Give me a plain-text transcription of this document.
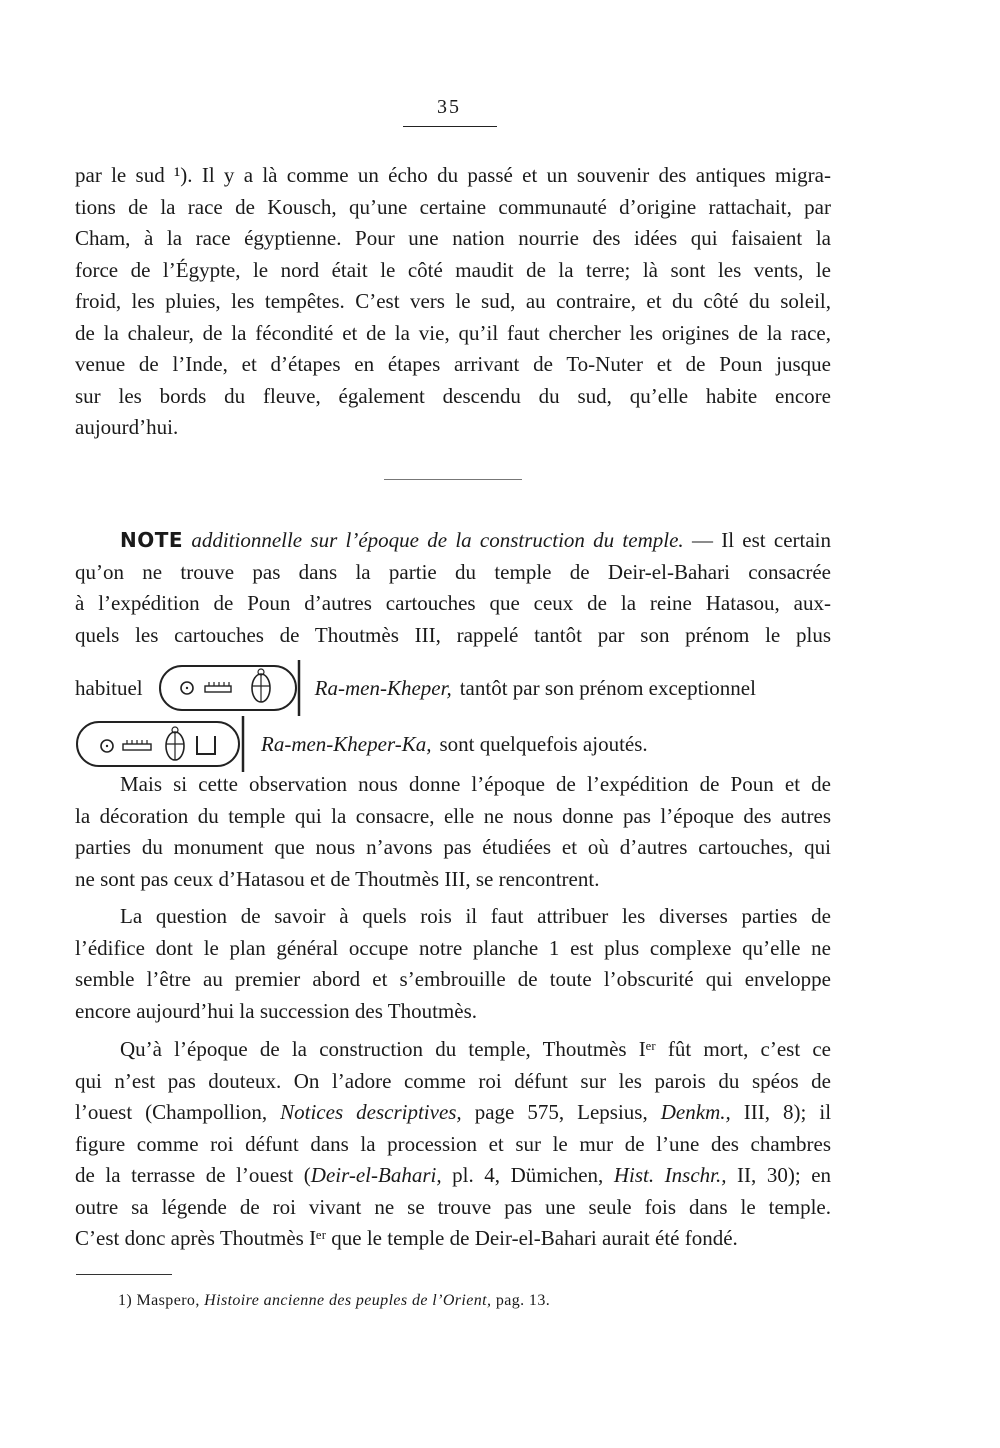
35
par le sud ¹). Il y a là comme un écho du passé et un souvenir des antiques migra-
tions de la race de Kousch, qu’une certaine communauté d’origine rattachait, par
Cham, à la race égyptienne. Pour une nation nourrie des idées qui faisaient la
force de l’Égypte, le nord était le côté maudit de la terre; là sont les vents, le
froid, les pluies, les tempêtes. C’est vers le sud, au contraire, et du côté du soleil,
de la chaleur, de la fécondité et de la vie, qu’il faut chercher les origines de la race,
venue de l’Inde, et d’étapes en étapes arrivant de To-Nuter et de Poun jusque
sur les bords du fleuve, également descendu du sud, qu’elle habite encore
aujourd’hui.
NOTE additionnelle sur l’époque de la construction du temple. — Il est certain
qu’on ne trouve pas dans la partie du temple de Deir-el-Bahari consacrée
à l’expédition de Poun d’autres cartouches que ceux de la reine Hatasou, aux-
quels les cartouches de Thoutmès III, rappelé tantôt par son prénom le plus
habituel	Ra-men-Kheper, tantôt par son prénom exceptionnel
Ra-men-Kheper-Ka, sont quelquefois ajoutés.
Mais si cette observation nous donne l’époque de l’expédition de Poun et de
la décoration du temple qui la consacre, elle ne nous donne pas l’époque des autres
parties du monument que nous n’avons pas étudiées et où d’autres cartouches, qui
ne sont pas ceux d’Hatasou et de Thoutmès III, se rencontrent.
La question de savoir à quels rois il faut attribuer les diverses parties de
l’édifice dont le plan général occupe notre planche 1 est plus complexe qu’elle ne
semble l’être au premier abord et s’embrouille de toute l’obscurité qui enveloppe
encore aujourd’hui la succession des Thoutmès.
Qu’à l’époque de la construction du temple, Thoutmès Iᵉʳ fût mort, c’est ce
qui n’est pas douteux. On l’adore comme roi défunt sur les parois du spéos de
l’ouest (Champollion, Notices descriptives, page 575, Lepsius, Denkm., III, 8); il
figure comme roi défunt dans la procession et sur le mur de l’une des chambres
de la terrasse de l’ouest (Deir-el-Bahari, pl. 4, Dümichen, Hist. Inschr., II, 30); en
outre sa légende de roi vivant ne se trouve pas une seule fois dans le temple.
C’est donc après Thoutmès Iᵉʳ que le temple de Deir-el-Bahari aurait été fondé.
1) Maspero, Histoire ancienne des peuples de l’Orient, pag. 13.
